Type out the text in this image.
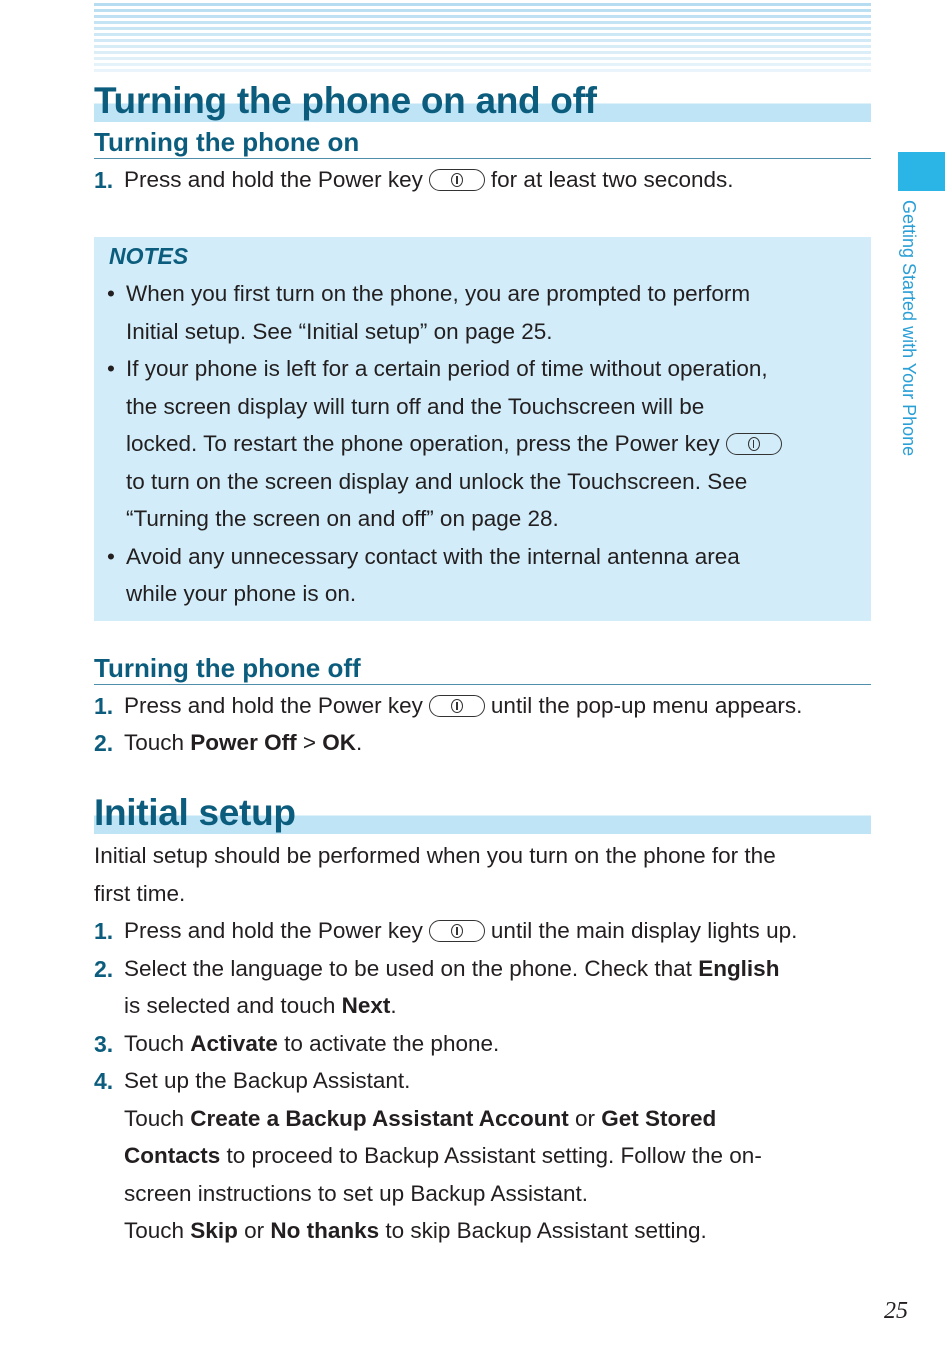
Turning the phone on and off
Turning the phone on
1. Press and hold the Power key	for at least two seconds.
NOTES
• When you first turn on the phone, you are prompted to perform
Initial setup. See “Initial setup” on page 25.
• If your phone is left for a certain period of time without operation,
the screen display will turn off and the Touchscreen will be
locked. To restart the phone operation, press the Power key
to turn on the screen display and unlock the Touchscreen. See
“Turning the screen on and off” on page 28.
• Avoid any unnecessary contact with the internal antenna area
while your phone is on.
Turning the phone off
1. Press and hold the Power key	until the pop-up menu appears.
2. Touch Power Off > OK.
Initial setup
Initial setup should be performed when you turn on the phone for the
first time.
1. Press and hold the Power key	until the main display lights up.
2. Select the language to be used on the phone. Check that English
is selected and touch Next.
3. Touch Activate to activate the phone.
4. Set up the Backup Assistant.
Touch Create a Backup Assistant Account or Get Stored
Contacts to proceed to Backup Assistant setting. Follow the on-
screen instructions to set up Backup Assistant.
Touch Skip or No thanks to skip Backup Assistant setting.
Getting Started with Your Phone
25
